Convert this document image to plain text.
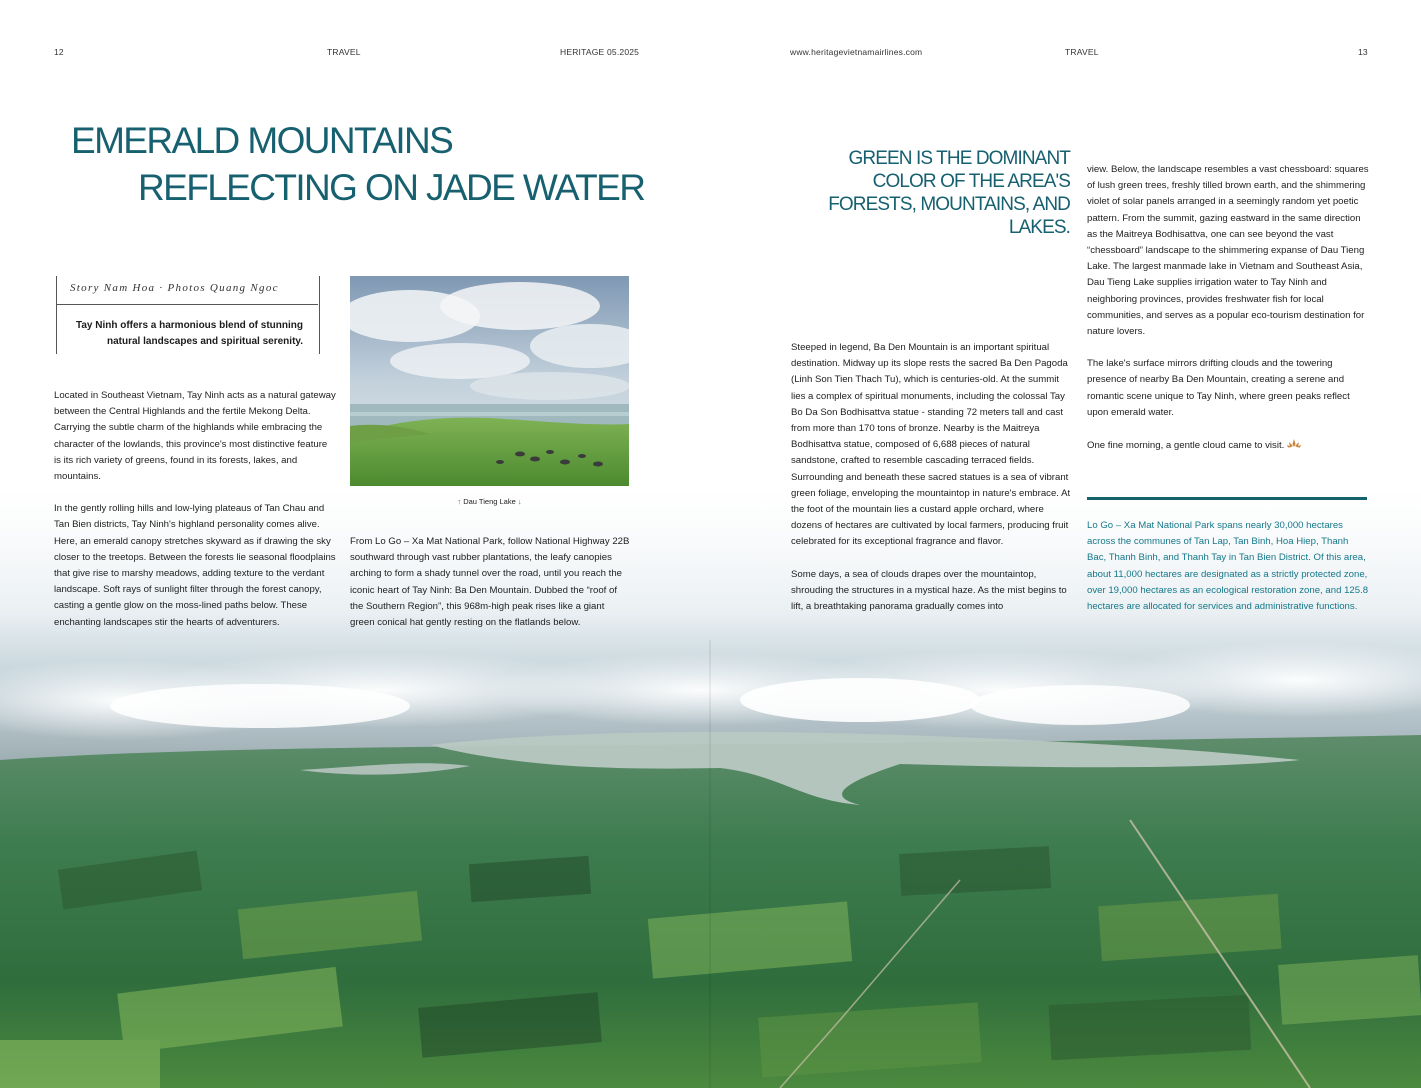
12	TRAVEL	HERITAGE 05.2025	www.heritagevietnamairlines.com	TRAVEL	13
EMERALD MOUNTAINS
REFLECTING ON JADE WATER
Story Nam Hoa · Photos Quang Ngoc
Tay Ninh offers a harmonious blend of stunning natural landscapes and spiritual serenity.

Located in Southeast Vietnam, Tay Ninh acts as a natural gateway between the Central Highlands and the fertile Mekong Delta. Carrying the subtle charm of the highlands while embracing the character of the lowlands, this province's most distinctive feature is its rich variety of greens, found in its forests, lakes, and mountains.

In the gently rolling hills and low-lying plateaus of Tan Chau and Tan Bien districts, Tay Ninh's highland personality comes alive. Here, an emerald canopy stretches skyward as if drawing the sky closer to the treetops. Between the forests lie seasonal floodplains that give rise to marshy meadows, adding texture to the verdant landscape. Soft rays of sunlight filter through the forest canopy, casting a gentle glow on the moss-lined paths below. These enchanting landscapes stir the hearts of adventurers.

↑ Dau Tieng Lake ↓

From Lo Go – Xa Mat National Park, follow National Highway 22B southward through vast rubber plantations, the leafy canopies arching to form a shady tunnel over the road, until you reach the iconic heart of Tay Ninh: Ba Den Mountain. Dubbed the “roof of the Southern Region”, this 968m-high peak rises like a giant green conical hat gently resting on the flatlands below.

GREEN IS THE DOMINANT COLOR OF THE AREA'S FORESTS, MOUNTAINS, AND LAKES.

Steeped in legend, Ba Den Mountain is an important spiritual destination. Midway up its slope rests the sacred Ba Den Pagoda (Linh Son Tien Thach Tu), which is centuries-old. At the summit lies a complex of spiritual monuments, including the colossal Tay Bo Da Son Bodhisattva statue - standing 72 meters tall and cast from more than 170 tons of bronze. Nearby is the Maitreya Bodhisattva statue, composed of 6,688 pieces of natural sandstone, crafted to resemble cascading terraced fields. Surrounding and beneath these sacred statues is a sea of vibrant green foliage, enveloping the mountaintop in nature's embrace. At the foot of the mountain lies a custard apple orchard, where dozens of hectares are cultivated by local farmers, producing fruit celebrated for its exceptional fragrance and flavor.

Some days, a sea of clouds drapes over the mountaintop, shrouding the structures in a mystical haze. As the mist begins to lift, a breathtaking panorama gradually comes into

view. Below, the landscape resembles a vast chessboard: squares of lush green trees, freshly tilled brown earth, and the shimmering violet of solar panels arranged in a seemingly random yet poetic pattern. From the summit, gazing eastward in the same direction as the Maitreya Bodhisattva, one can see beyond the vast “chessboard” landscape to the shimmering expanse of Dau Tieng Lake. The largest manmade lake in Vietnam and Southeast Asia, Dau Tieng Lake supplies irrigation water to Tay Ninh and neighboring provinces, provides freshwater fish for local communities, and serves as a popular eco-tourism destination for nature lovers.

The lake's surface mirrors drifting clouds and the towering presence of nearby Ba Den Mountain, creating a serene and romantic scene unique to Tay Ninh, where green peaks reflect upon emerald water.

One fine morning, a gentle cloud came to visit.

Lo Go – Xa Mat National Park spans nearly 30,000 hectares across the communes of Tan Lap, Tan Binh, Hoa Hiep, Thanh Bac, Thanh Binh, and Thanh Tay in Tan Bien District. Of this area, about 11,000 hectares are designated as a strictly protected zone, over 19,000 hectares as an ecological restoration zone, and 125.8 hectares are allocated for services and administrative functions.
